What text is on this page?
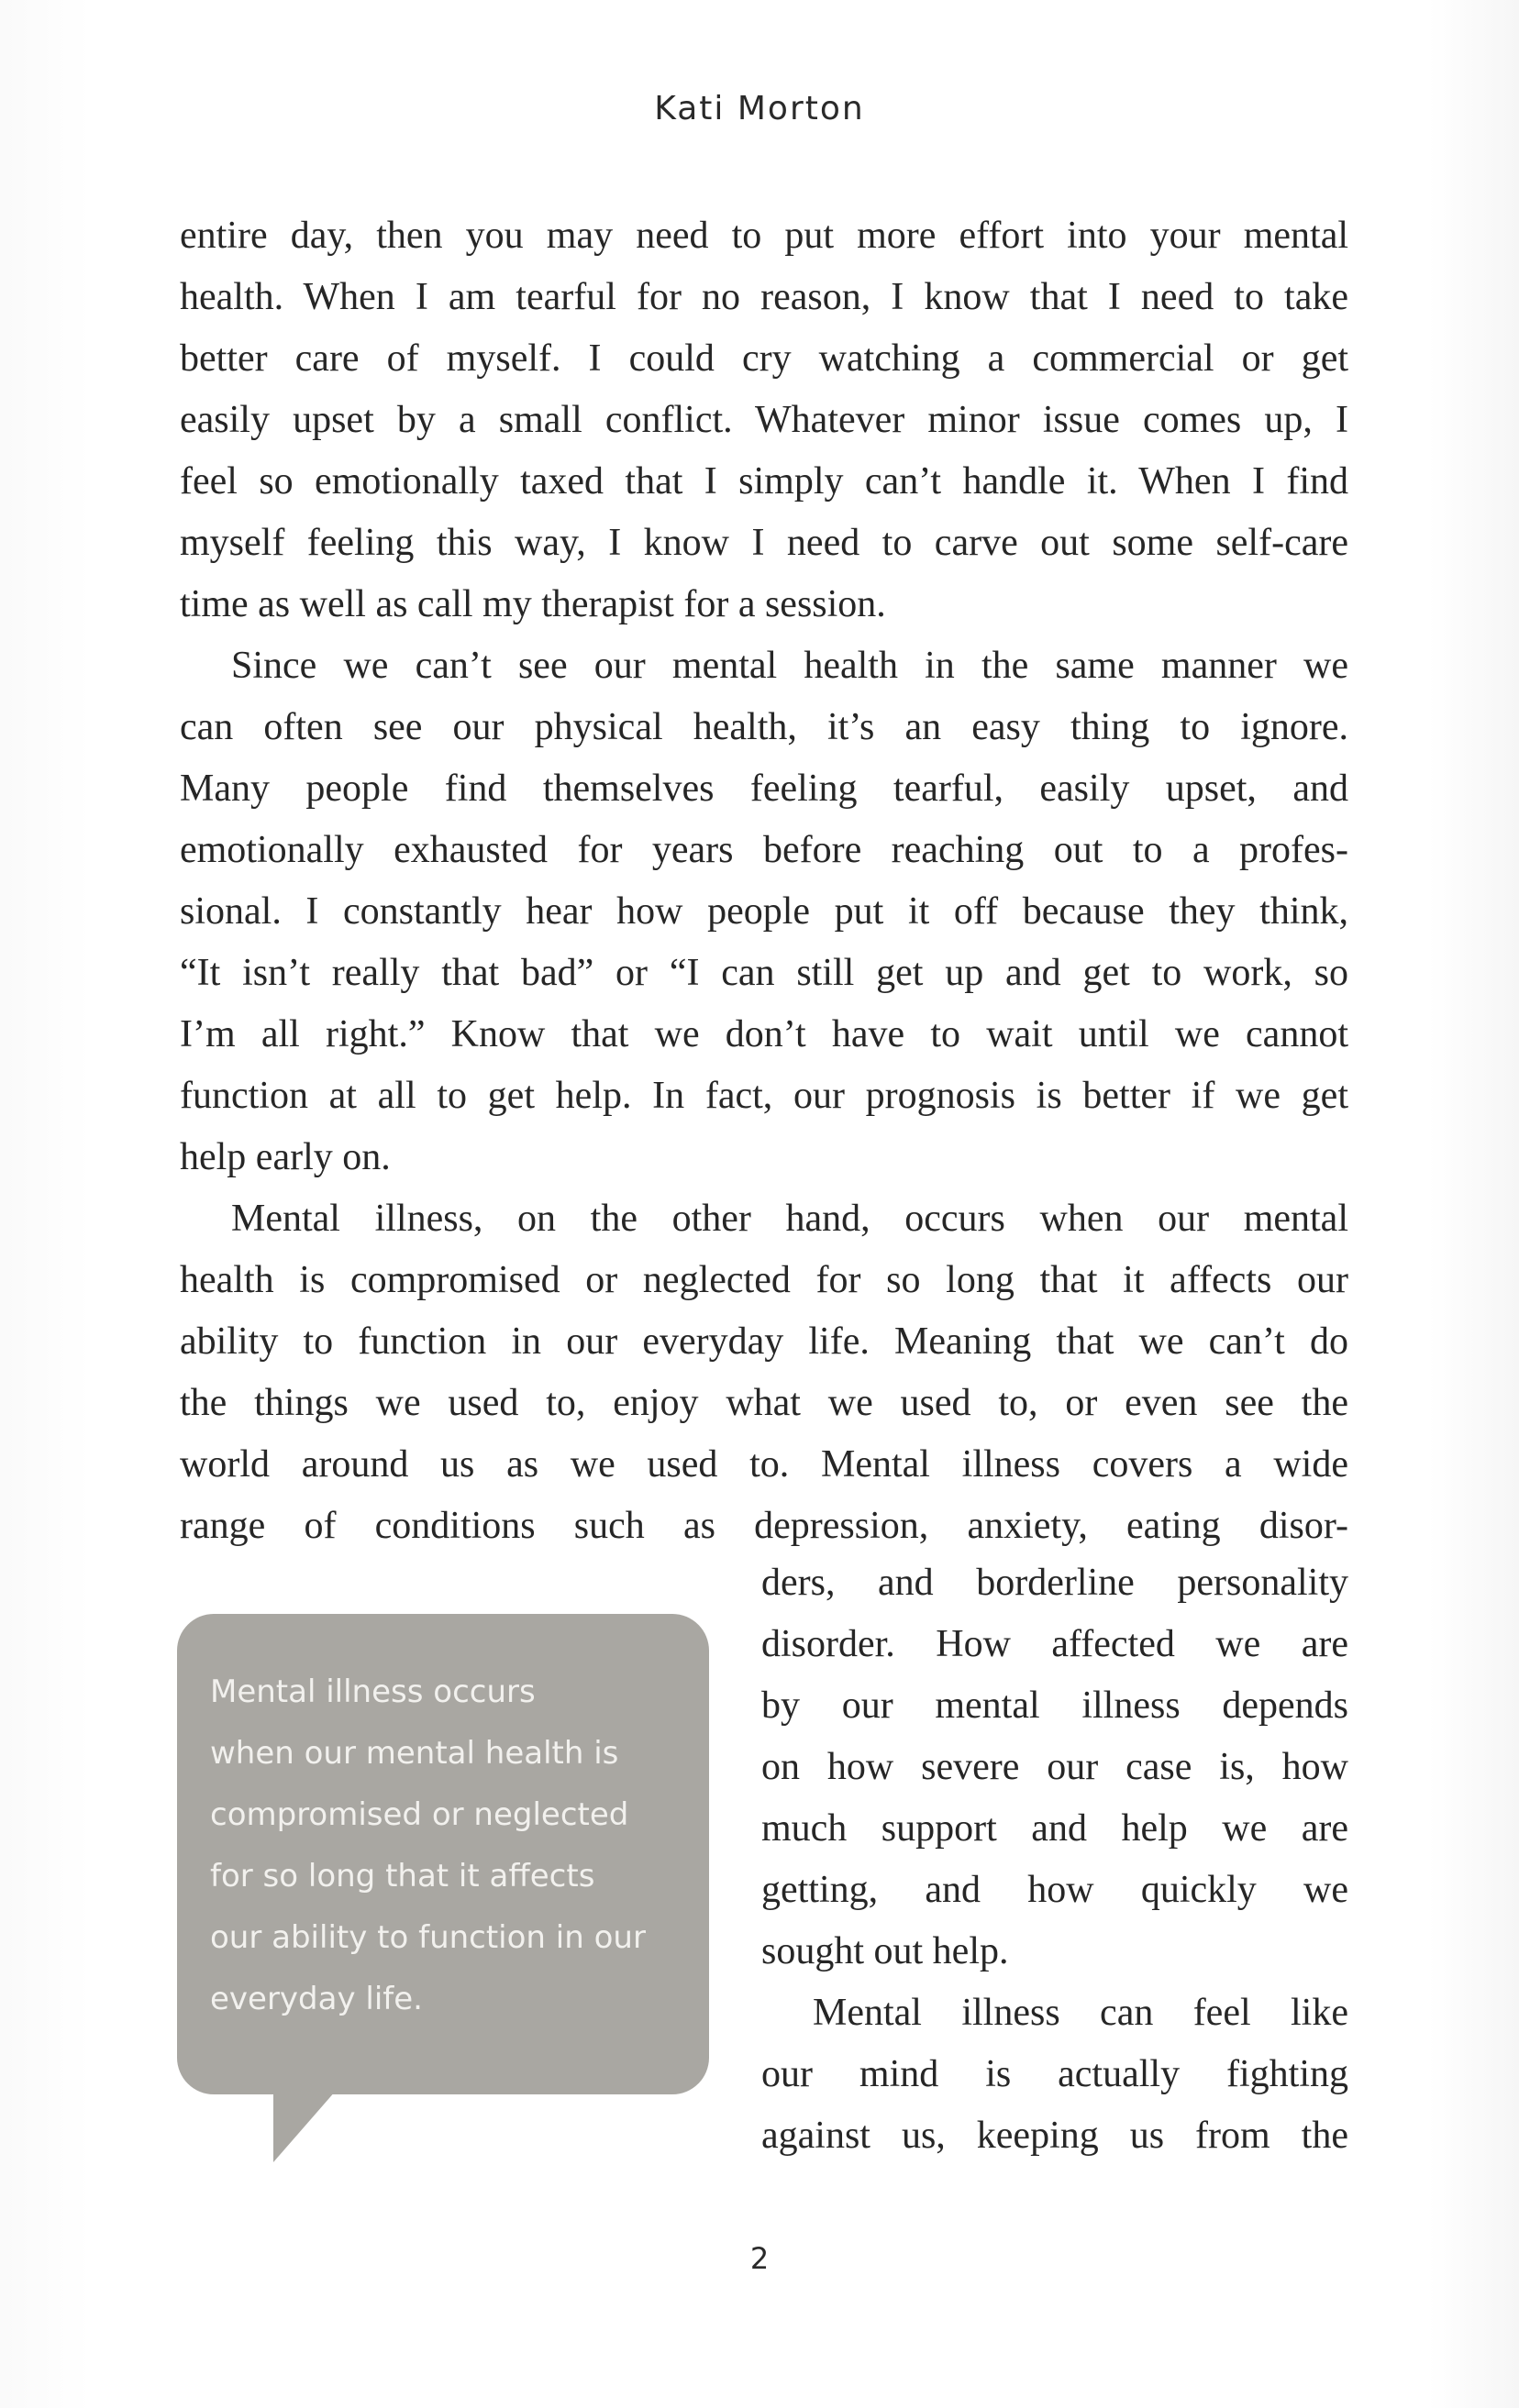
Kati Morton
entire day, then you may need to put more effort into your mental
health. When I am tearful for no reason, I know that I need to take
better care of myself. I could cry watching a commercial or get
easily upset by a small conflict. Whatever minor issue comes up, I
feel so emotionally taxed that I simply can’t handle it. When I find
myself feeling this way, I know I need to carve out some self-care
time as well as call my therapist for a session.
Since we can’t see our mental health in the same manner we
can often see our physical health, it’s an easy thing to ignore.
Many people find themselves feeling tearful, easily upset, and
emotionally exhausted for years before reaching out to a profes-
sional. I constantly hear how people put it off because they think,
“It isn’t really that bad” or “I can still get up and get to work, so
I’m all right.” Know that we don’t have to wait until we cannot
function at all to get help. In fact, our prognosis is better if we get
help early on.
Mental illness, on the other hand, occurs when our mental
health is compromised or neglected for so long that it affects our
ability to function in our everyday life. Meaning that we can’t do
the things we used to, enjoy what we used to, or even see the
world around us as we used to. Mental illness covers a wide
range of conditions such as depression, anxiety, eating disor-
ders, and borderline personality
disorder. How affected we are
by our mental illness depends
on how severe our case is, how
much support and help we are
getting, and how quickly we
sought out help.
Mental illness can feel like
our mind is actually fighting
against us, keeping us from the
Mental illness occurs
when our mental health is
compromised or neglected
for so long that it affects
our ability to function in our
everyday life.
2
